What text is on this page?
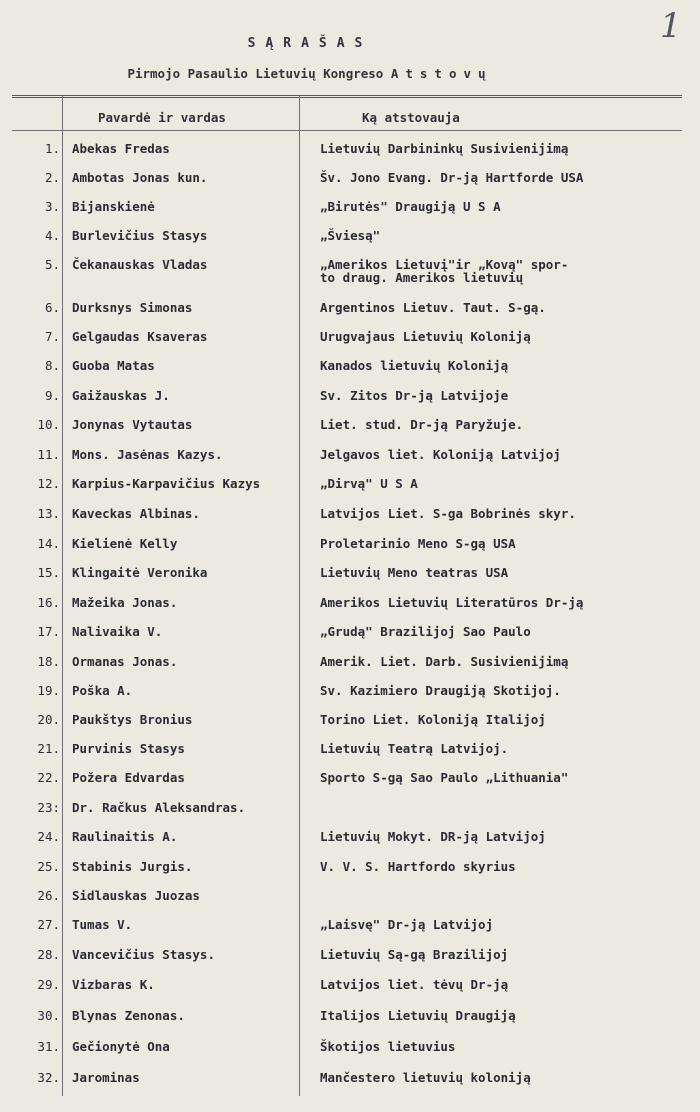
1
SĄRAŠAS
Pirmojo Pasaulio Lietuvių Kongreso Atstovų
Pavardė ir vardas	Ką atstovauja
1. Abekas Fredas	Lietuvių Darbininkų Susivienijimą
2. Ambotas Jonas kun.	Šv. Jono Evang. Dr-ją Hartforde USA
3. Bijanskienė	„Birutės" Draugiją U S A
4. Burlevičius Stasys	„Šviesą"
5. Čekanauskas Vladas	„Amerikos Lietuvį"ir „Kovą" spor-
to draug. Amerikos lietuvių
6. Durksnys Simonas	Argentinos Lietuv. Taut. S-gą.
7. Gelgaudas Ksaveras	Urugvajaus Lietuvių Koloniją
8. Guoba Matas	Kanados lietuvių Koloniją
9. Gaižauskas J.	Sv. Zitos Dr-ją Latvijoje
10. Jonynas Vytautas	Liet. stud. Dr-ją Paryžuje.
11. Mons. Jasėnas Kazys.	Jelgavos liet. Koloniją Latvijoj
12. Karpius-Karpavičius Kazys	„Dirvą" U S A
13. Kaveckas Albinas.	Latvijos Liet. S-ga Bobrinės skyr.
14. Kielienė Kelly	Proletarinio Meno S-gą USA
15. Klingaitė Veronika	Lietuvių Meno teatras USA
16. Mažeika Jonas.	Amerikos Lietuvių Literatūros Dr-ją
17. Nalivaika V.	„Grudą" Brazilijoj Sao Paulo
18. Ormanas Jonas.	Amerik. Liet. Darb. Susivienijimą
19. Poška A.	Sv. Kazimiero Draugiją Skotijoj.
20. Paukštys Bronius	Torino Liet. Koloniją Italijoj
21. Purvinis Stasys	Lietuvių Teatrą Latvijoj.
22. Požera Edvardas	Sporto S-gą Sao Paulo „Lithuania"
23: Dr. Račkus Aleksandras.
24. Raulinaitis A.	Lietuvių Mokyt. DR-ją Latvijoj
25. Stabinis Jurgis.	V. V. S. Hartfordo skyrius
26. Sidlauskas Juozas
27. Tumas V.	„Laisvę" Dr-ją Latvijoj
28. Vancevičius Stasys.	Lietuvių Są-gą Brazilijoj
29. Vizbaras K.	Latvijos liet. tėvų Dr-ją
30. Blynas Zenonas.	Italijos Lietuvių Draugiją
31. Gečionytė Ona	Škotijos lietuvius
32. Jarominas	Mančestero lietuvių koloniją
